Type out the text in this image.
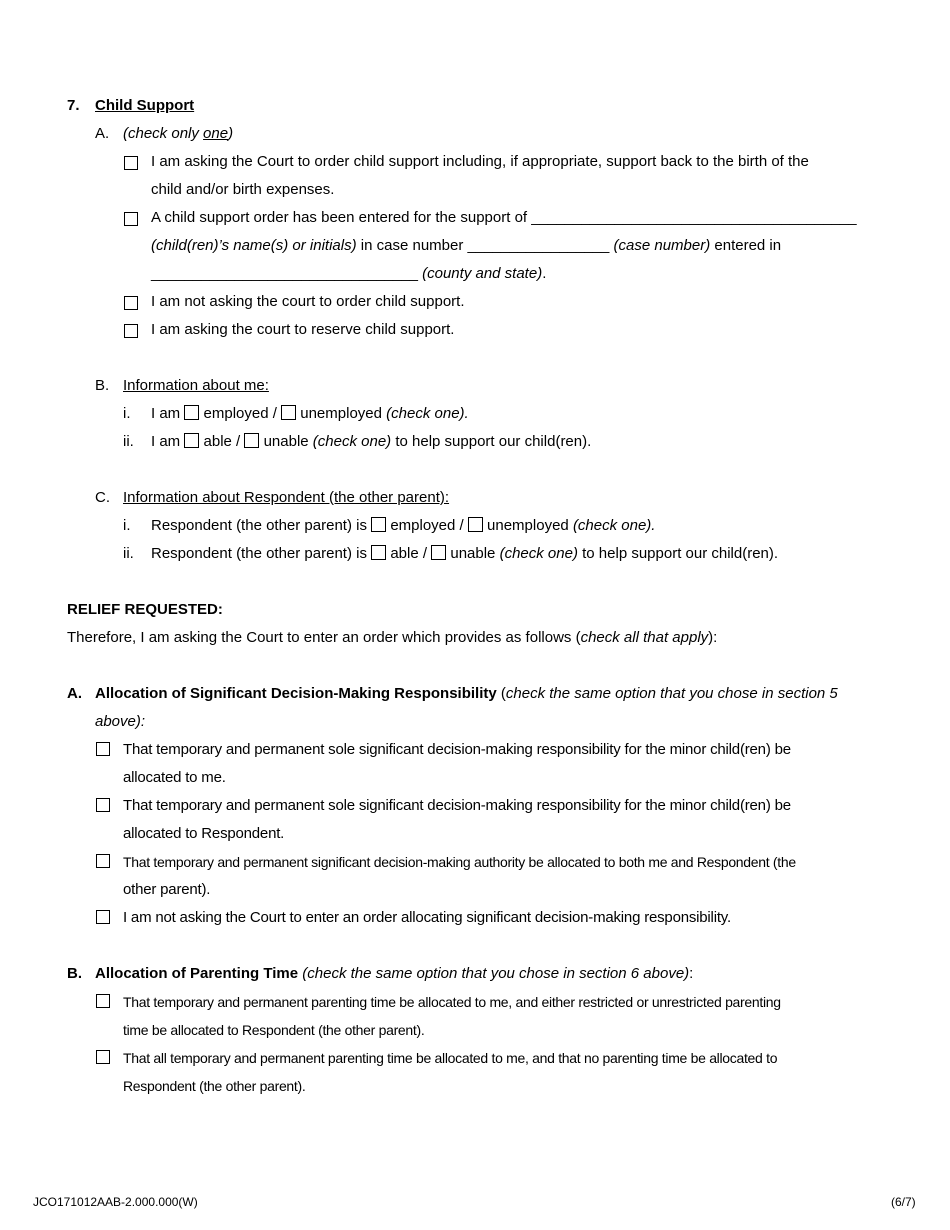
7. Child Support
A. (check only one)
I am asking the Court to order child support including, if appropriate, support back to the birth of the
child and/or birth expenses.
A child support order has been entered for the support of _______________________________________
(child(ren)’s name(s) or initials) in case number _________________ (case number) entered in
________________________________ (county and state).
I am not asking the court to order child support.
I am asking the court to reserve child support.
B. Information about me:
i. I am employed / unemployed (check one).
ii. I am able / unable (check one) to help support our child(ren).
C. Information about Respondent (the other parent):
i. Respondent (the other parent) is employed / unemployed (check one).
ii. Respondent (the other parent) is able / unable (check one) to help support our child(ren).
RELIEF REQUESTED:
Therefore, I am asking the Court to enter an order which provides as follows (check all that apply):
A. Allocation of Significant Decision-Making Responsibility (check the same option that you chose in section 5
above):
That temporary and permanent sole significant decision-making responsibility for the minor child(ren) be
allocated to me.
That temporary and permanent sole significant decision-making responsibility for the minor child(ren) be
allocated to Respondent.
That temporary and permanent significant decision-making authority be allocated to both me and Respondent (the
other parent).
I am not asking the Court to enter an order allocating significant decision-making responsibility.
B. Allocation of Parenting Time (check the same option that you chose in section 6 above):
That temporary and permanent parenting time be allocated to me, and either restricted or unrestricted parenting
time be allocated to Respondent (the other parent).
That all temporary and permanent parenting time be allocated to me, and that no parenting time be allocated to
Respondent (the other parent).
JCO171012AAB-2.000.000(W)	(6/7)
